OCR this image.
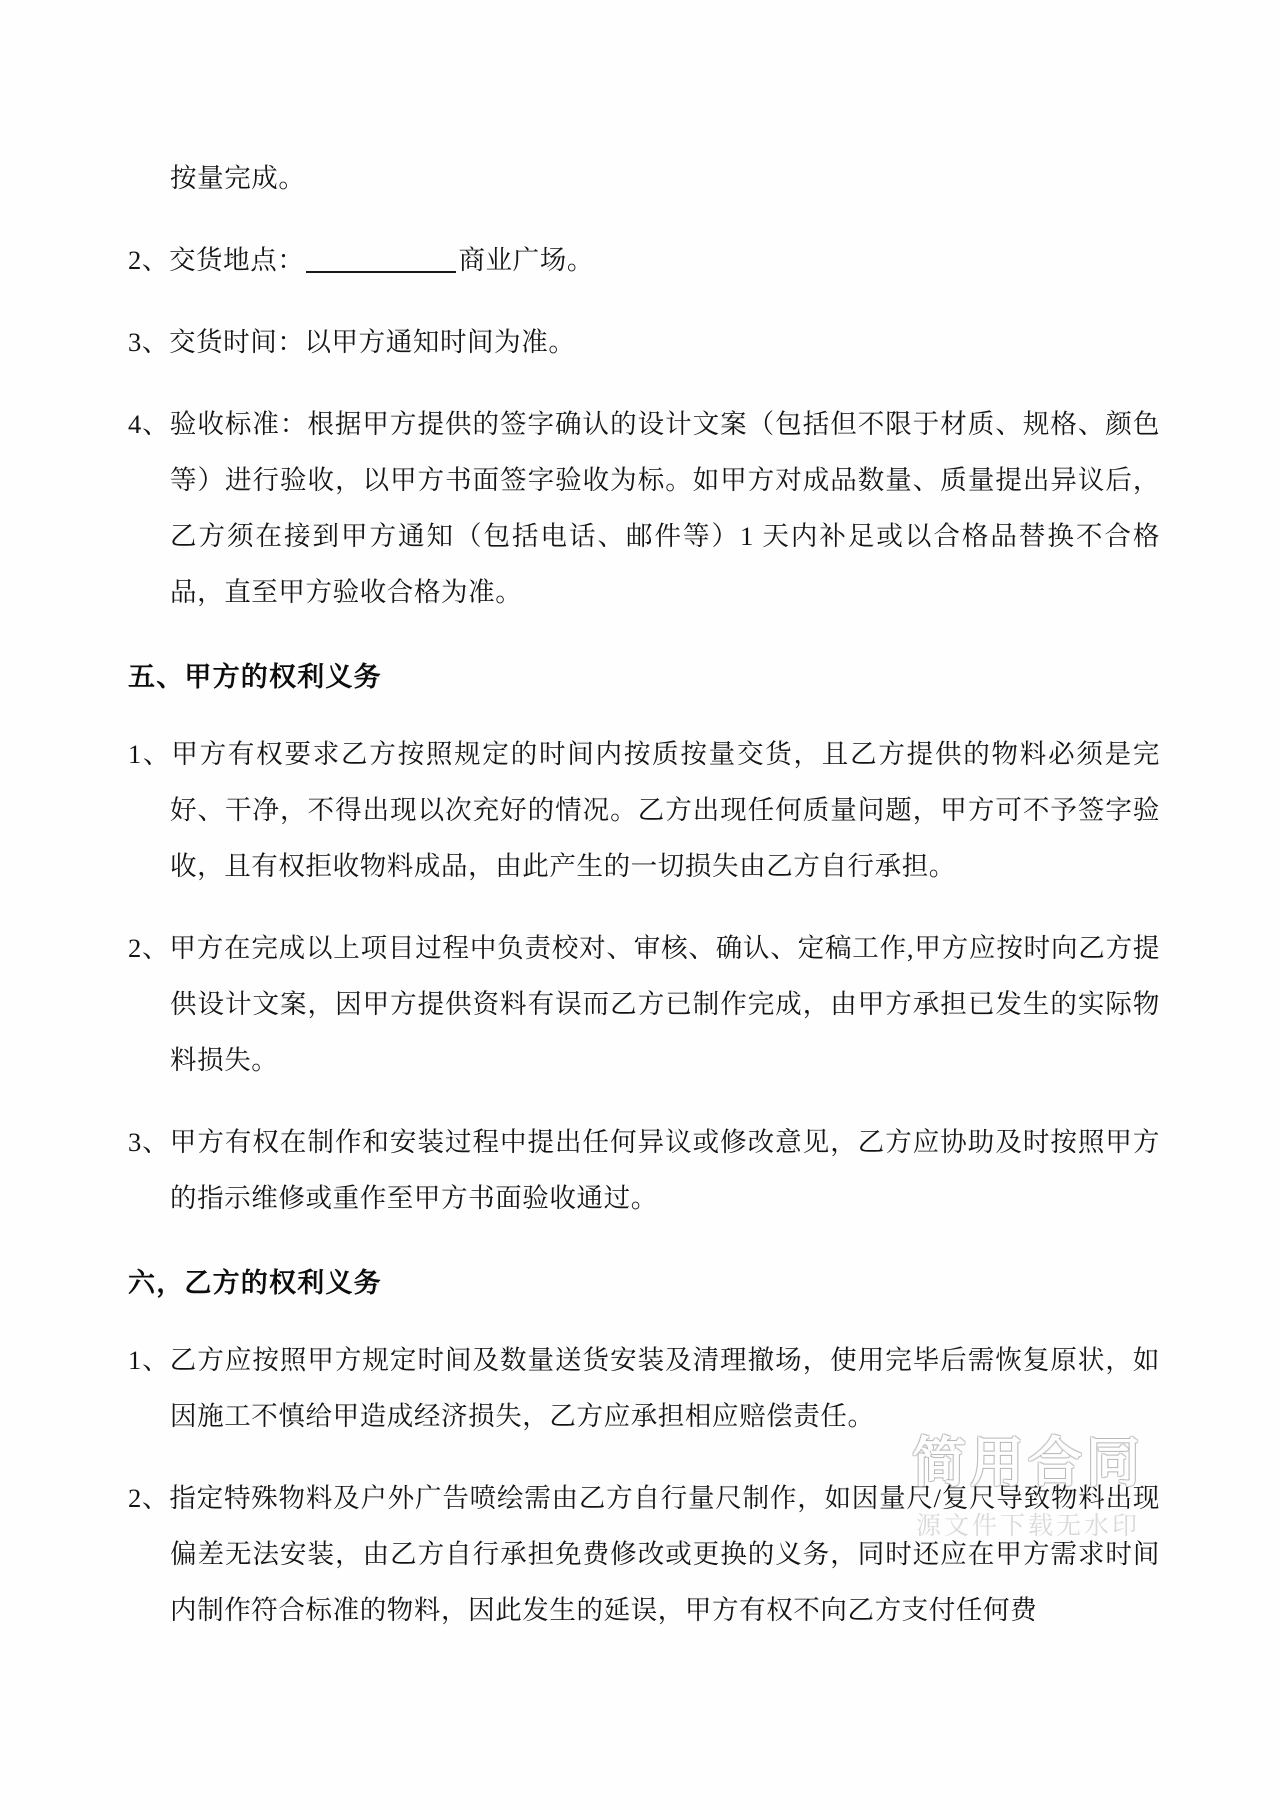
按量完成。

2、交货地点：	商业广场。

3、交货时间：以甲方通知时间为准。

4、验收标准：根据甲方提供的签字确认的设计文案（包括但不限于材质、规格、颜色等）进行验收，以甲方书面签字验收为标。如甲方对成品数量、质量提出异议后，乙方须在接到甲方通知（包括电话、邮件等）1 天内补足或以合格品替换不合格品，直至甲方验收合格为准。

五、甲方的权利义务

1、甲方有权要求乙方按照规定的时间内按质按量交货，且乙方提供的物料必须是完好、干净，不得出现以次充好的情况。乙方出现任何质量问题，甲方可不予签字验收，且有权拒收物料成品，由此产生的一切损失由乙方自行承担。

2、甲方在完成以上项目过程中负责校对、审核、确认、定稿工作,甲方应按时向乙方提供设计文案，因甲方提供资料有误而乙方已制作完成，由甲方承担已发生的实际物料损失。

3、甲方有权在制作和安装过程中提出任何异议或修改意见，乙方应协助及时按照甲方的指示维修或重作至甲方书面验收通过。

六，乙方的权利义务

1、乙方应按照甲方规定时间及数量送货安装及清理撤场，使用完毕后需恢复原状，如因施工不慎给甲造成经济损失，乙方应承担相应赔偿责任。

2、指定特殊物料及户外广告喷绘需由乙方自行量尺制作，如因量尺/复尺导致物料出现偏差无法安装，由乙方自行承担免费修改或更换的义务，同时还应在甲方需求时间内制作符合标准的物料，因此发生的延误，甲方有权不向乙方支付任何费

简用合同
源文件下载无水印
